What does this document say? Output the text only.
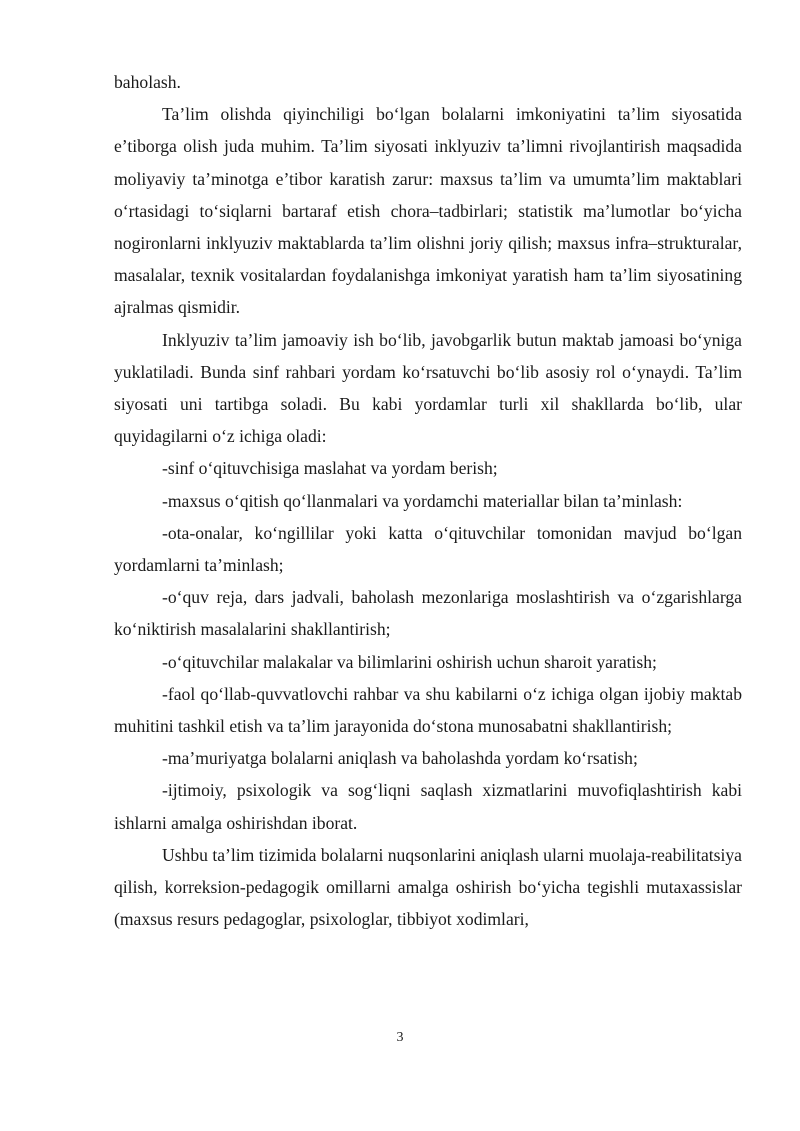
baholash.

Ta’lim olishda qiyinchiligi bo‘lgan bolalarni imkoniyatini ta’lim siyosatida e’tiborga olish juda muhim. Ta’lim siyosati inklyuziv ta’limni rivojlantirish maqsadida moliyaviy ta’minotga e’tibor karatish zarur: maxsus ta’lim va umumta’lim maktablari o‘rtasidagi to‘siqlarni bartaraf etish chora–tadbirlari; statistik ma’lumotlar bo‘yicha nogironlarni inklyuziv maktablarda ta’lim olishni joriy qilish; maxsus infra–strukturalar, masalalar, texnik vositalardan foydalanishga imkoniyat yaratish ham ta’lim siyosatining ajralmas qismidir.

Inklyuziv ta’lim jamoaviy ish bo‘lib, javobgarlik butun maktab jamoasi bo‘yniga yuklatiladi. Bunda sinf rahbari yordam ko‘rsatuvchi bo‘lib asosiy rol o‘ynaydi. Ta’lim siyosati uni tartibga soladi. Bu kabi yordamlar turli xil shakllarda bo‘lib, ular quyidagilarni o‘z ichiga oladi:

-sinf o‘qituvchisiga maslahat va yordam berish;

-maxsus o‘qitish qo‘llanmalari va yordamchi materiallar bilan ta’minlash:

-ota-onalar, ko‘ngillilar yoki katta o‘qituvchilar tomonidan mavjud bo‘lgan yordamlarni ta’minlash;

-o‘quv reja, dars jadvali, baholash mezonlariga moslashtirish va o‘zgarishlarga ko‘niktirish masalalarini shakllantirish;

-o‘qituvchilar malakalar va bilimlarini oshirish uchun sharoit yaratish;

-faol qo‘llab-quvvatlovchi rahbar va shu kabilarni o‘z ichiga olgan ijobiy maktab muhitini tashkil etish va ta’lim jarayonida do‘stona munosabatni shakllantirish;

-ma’muriyatga bolalarni aniqlash va baholashda yordam ko‘rsatish;

-ijtimoiy, psixologik va sog‘liqni saqlash xizmatlarini muvofiqlashtirish kabi ishlarni amalga oshirishdan iborat.

Ushbu ta’lim tizimida bolalarni nuqsonlarini aniqlash ularni muolaja-reabilitatsiya qilish, korreksion-pedagogik omillarni amalga oshirish bo‘yicha tegishli mutaxassislar (maxsus resurs pedagoglar, psixologlar, tibbiyot xodimlari,

3
